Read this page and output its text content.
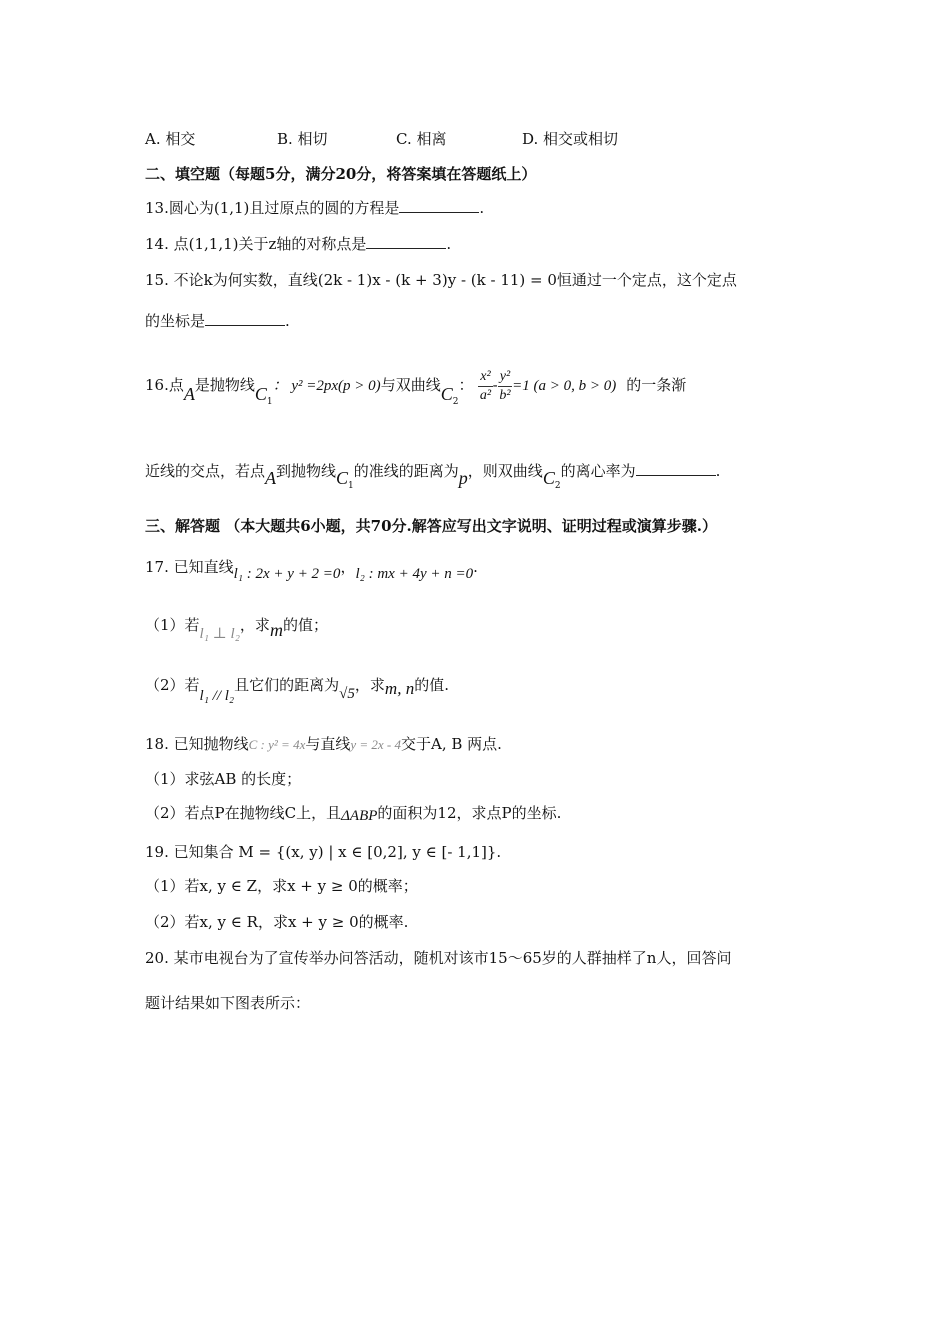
A. 相交	B. 相切	C. 相离	D. 相交或相切
二、填空题（每题5分，满分20分，将答案填在答题纸上）
13.圆心为(1,1)且过原点的圆的方程是	.
14. 点(1,1,1)关于z轴的对称点是	.
15. 不论k为何实数，直线(2k - 1)x - (k + 3)y - (k - 11) = 0恒通过一个定点，这个定点
的坐标是	.
16.点A是抛物线$C_1$： y² =2px(p > 0)与双曲线$C_2$： $\frac{\text{x²}}{\text{a²}} - \frac{\text{y²}}{\text{b²}} =1$ (a > 0, b > 0) 的一条渐
近线的交点，若点A到抛物线$C_1$的准线的距离为p，则双曲线$C_2$的离心率为	.
三、解答题 （本大题共6小题，共70分.解答应写出文字说明、证明过程或演算步骤.）
17. 已知直线l₁ : 2x + y + 2 =0，l₂ : mx + 4y + n =0.
（1）若l₁ ⊥ l₂，求m的值；
（2）若l₁ // l₂且它们的距离为√5，求m, n的值.
18. 已知抛物线C : y² = 4x与直线y = 2x - 4交于A, B 两点.
（1）求弦AB 的长度；
（2）若点P在抛物线C上，且ΔABP的面积为12，求点P的坐标.
19. 已知集合 M = {(x, y) | x ∈ [0,2], y ∈ [- 1,1]}.
（1）若x, y ∈ Z，求x + y ≥ 0的概率；
（2）若x, y ∈ R，求x + y ≥ 0的概率.
20. 某市电视台为了宣传举办问答活动，随机对该市15～65岁的人群抽样了n人，回答问
题计结果如下图表所示：
